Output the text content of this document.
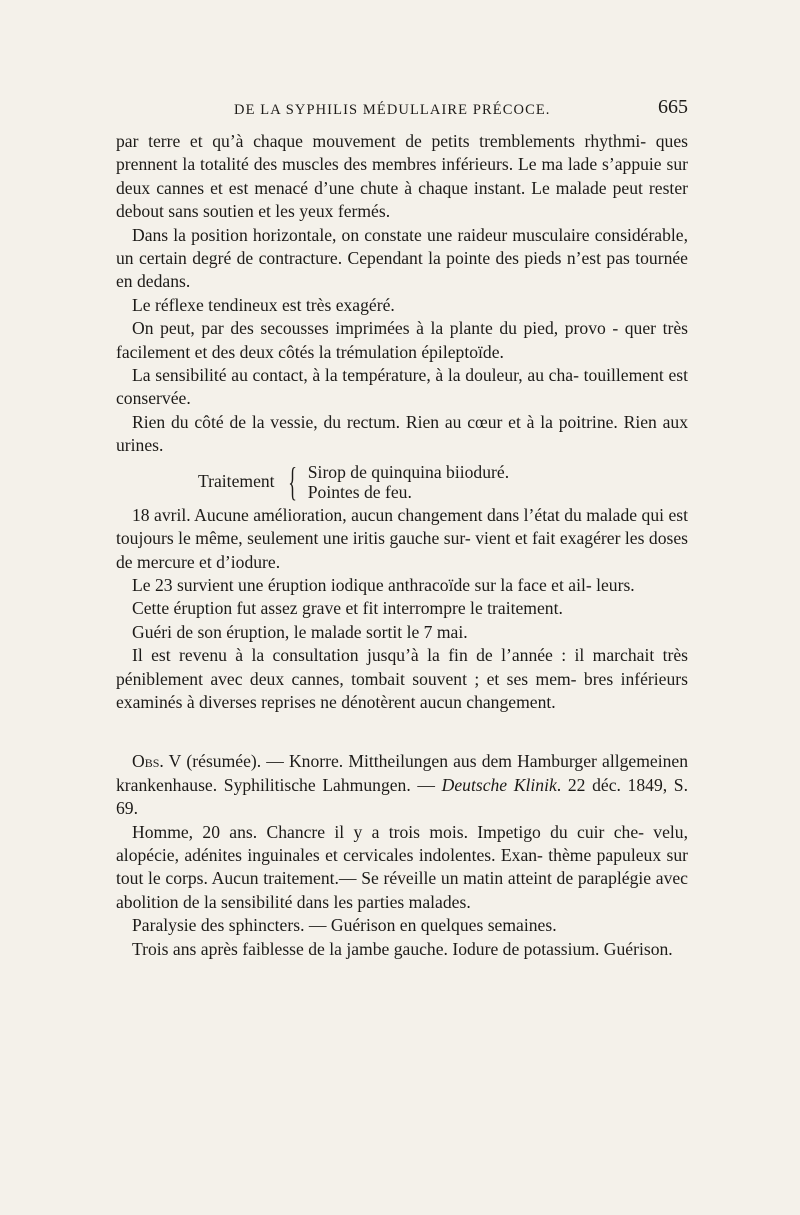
DE LA SYPHILIS MÉDULLAIRE PRÉCOCE.	665

par terre et qu’à chaque mouvement de petits tremblements rhythmi- ques prennent la totalité des muscles des membres inférieurs. Le ma lade s’appuie sur deux cannes et est menacé d’une chute à chaque instant. Le malade peut rester debout sans soutien et les yeux fermés.

Dans la position horizontale, on constate une raideur musculaire considérable, un certain degré de contracture. Cependant la pointe des pieds n’est pas tournée en dedans.

Le réflexe tendineux est très exagéré.

On peut, par des secousses imprimées à la plante du pied, provo - quer très facilement et des deux côtés la trémulation épileptoïde.

La sensibilité au contact, à la température, à la douleur, au cha- touillement est conservée.

Rien du côté de la vessie, du rectum. Rien au cœur et à la poitrine. Rien aux urines.

Traitement { Sirop de quinquina biioduré.
Pointes de feu.

18 avril. Aucune amélioration, aucun changement dans l’état du malade qui est toujours le même, seulement une iritis gauche sur- vient et fait exagérer les doses de mercure et d’iodure.

Le 23 survient une éruption iodique anthracoïde sur la face et ail- leurs.

Cette éruption fut assez grave et fit interrompre le traitement.

Guéri de son éruption, le malade sortit le 7 mai.

Il est revenu à la consultation jusqu’à la fin de l’année : il marchait très péniblement avec deux cannes, tombait souvent ; et ses mem- bres inférieurs examinés à diverses reprises ne dénotèrent aucun changement.

Obs. V (résumée). — Knorre. Mittheilungen aus dem Hamburger allgemeinen krankenhause. Syphilitische Lahmungen. — Deutsche Klinik. 22 déc. 1849, S. 69.

Homme, 20 ans. Chancre il y a trois mois. Impetigo du cuir che- velu, alopécie, adénites inguinales et cervicales indolentes. Exan- thème papuleux sur tout le corps. Aucun traitement.— Se réveille un matin atteint de paraplégie avec abolition de la sensibilité dans les parties malades.

Paralysie des sphincters. — Guérison en quelques semaines.

Trois ans après faiblesse de la jambe gauche. Iodure de potassium. Guérison.
